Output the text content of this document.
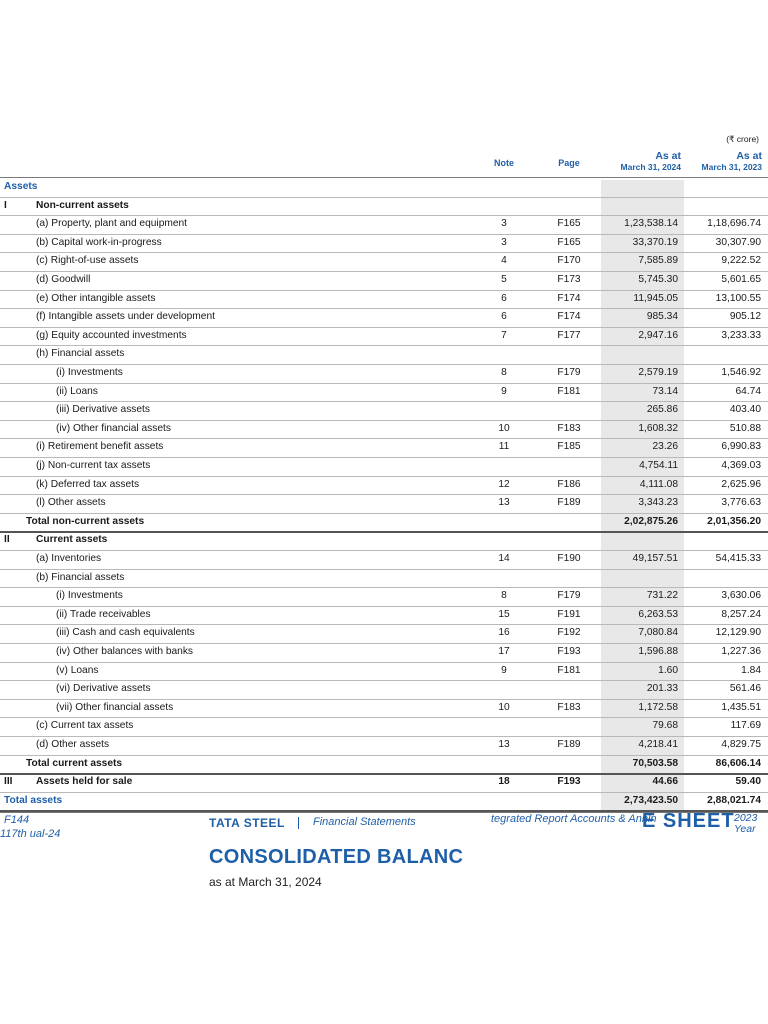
(₹ crore)
Note	Page
As at
March 31, 2024
As at
March 31, 2023
Assets
I	Non-current assets
(a) Property, plant and equipment	3	F165	1,23,538.14	1,18,696.74
(b) Capital work-in-progress	3	F165	33,370.19	30,307.90
(c) Right-of-use assets	4	F170	7,585.89	9,222.52
(d) Goodwill	5	F173	5,745.30	5,601.65
(e) Other intangible assets	6	F174	11,945.05	13,100.55
(f) Intangible assets under development	6	F174	985.34	905.12
(g) Equity accounted investments	7	F177	2,947.16	3,233.33
(h) Financial assets
(i) Investments	8	F179	2,579.19	1,546.92
(ii) Loans	9	F181	73.14	64.74
(iii) Derivative assets	265.86	403.40
(iv) Other financial assets	10	F183	1,608.32	510.88
(i) Retirement benefit assets	11	F185	23.26	6,990.83
(j) Non-current tax assets	4,754.11	4,369.03
(k) Deferred tax assets	12	F186	4,111.08	2,625.96
(l) Other assets	13	F189	3,343.23	3,776.63
Total non-current assets	2,02,875.26	2,01,356.20
II	Current assets
(a) Inventories	14	F190	49,157.51	54,415.33
(b) Financial assets
(i) Investments	8	F179	731.22	3,630.06
(ii) Trade receivables	15	F191	6,263.53	8,257.24
(iii) Cash and cash equivalents	16	F192	7,080.84	12,129.90
(iv) Other balances with banks	17	F193	1,596.88	1,227.36
(v) Loans	9	F181	1.60	1.84
(vi) Derivative assets	201.33	561.46
(vii) Other financial assets	10	F183	1,172.58	1,435.51
(c) Current tax assets	79.68	117.69
(d) Other assets	13	F189	4,218.41	4,829.75
Total current assets	70,503.58	86,606.14
III Assets held for sale	18	F193	44.66	59.40
Total assets	2,73,423.50	2,88,021.74
F144
117th ual-24
TATA STEEL	Financial Statements	tegrated Report Accounts & Annln
E SHEET 2023
Year
CONSOLIDATED BALANC
as at March 31, 2024
